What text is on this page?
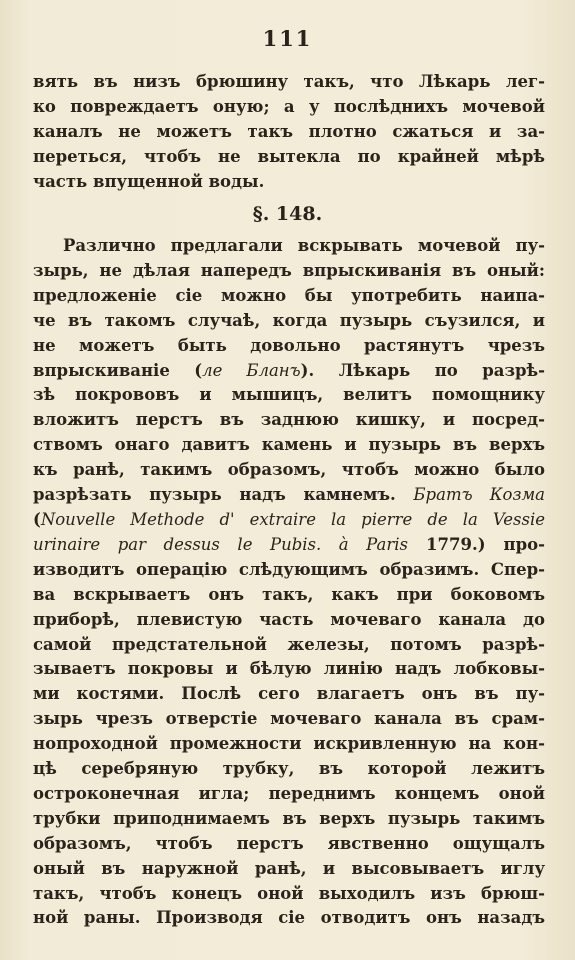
111
вять въ низъ брюшину такъ, что Лѣкарь лег-
ко повреждаетъ оную; а у послѣднихъ мочевой
каналъ не можетъ такъ плотно сжаться и за-
переться, чтобъ не вытекла по крайней мѣрѣ
часть впущенной воды.
§. 148.
Различно предлагали вскрывать мочевой пу-
зырь, не дѣлая напередъ впрыскиванія въ оный:
предложеніе сіе можно бы употребить наипа-
че въ такомъ случаѣ, когда пузырь съузился, и
не можетъ быть довольно растянутъ чрезъ
впрыскиваніе (ле Бланъ). Лѣкарь по разрѣ-
зѣ покрововъ и мышицъ, велитъ помощнику
вложитъ перстъ въ заднюю кишку, и посред-
ствомъ онаго давитъ камень и пузырь въ верхъ
къ ранѣ, такимъ образомъ, чтобъ можно было
разрѣзать пузырь надъ камнемъ. Братъ Козма
(Nouvelle Methode d' extraire la pierre de la Vessie
urinaire par dessus le Pubis. à Paris 1779.) про-
изводитъ операцію слѣдующимъ образимъ. Спер-
ва вскрываетъ онъ такъ, какъ при боковомъ
приборѣ, плевистую часть мочеваго канала до
самой предстательной железы, потомъ разрѣ-
зываетъ покровы и бѣлую линію надъ лобковы-
ми костями. Послѣ сего влагаетъ онъ въ пу-
зырь чрезъ отверстіе мочеваго канала въ срам-
нопроходной промежности искривленную на кон-
цѣ серебряную трубку, въ которой лежитъ
остроконечная игла; переднимъ концемъ оной
трубки приподнимаемъ въ верхъ пузырь такимъ
образомъ, чтобъ перстъ явственно ощущалъ
оный въ наружной ранѣ, и высовываетъ иглу
такъ, чтобъ конецъ оной выходилъ изъ брюш-
ной раны. Производя сіе отводитъ онъ назадъ
